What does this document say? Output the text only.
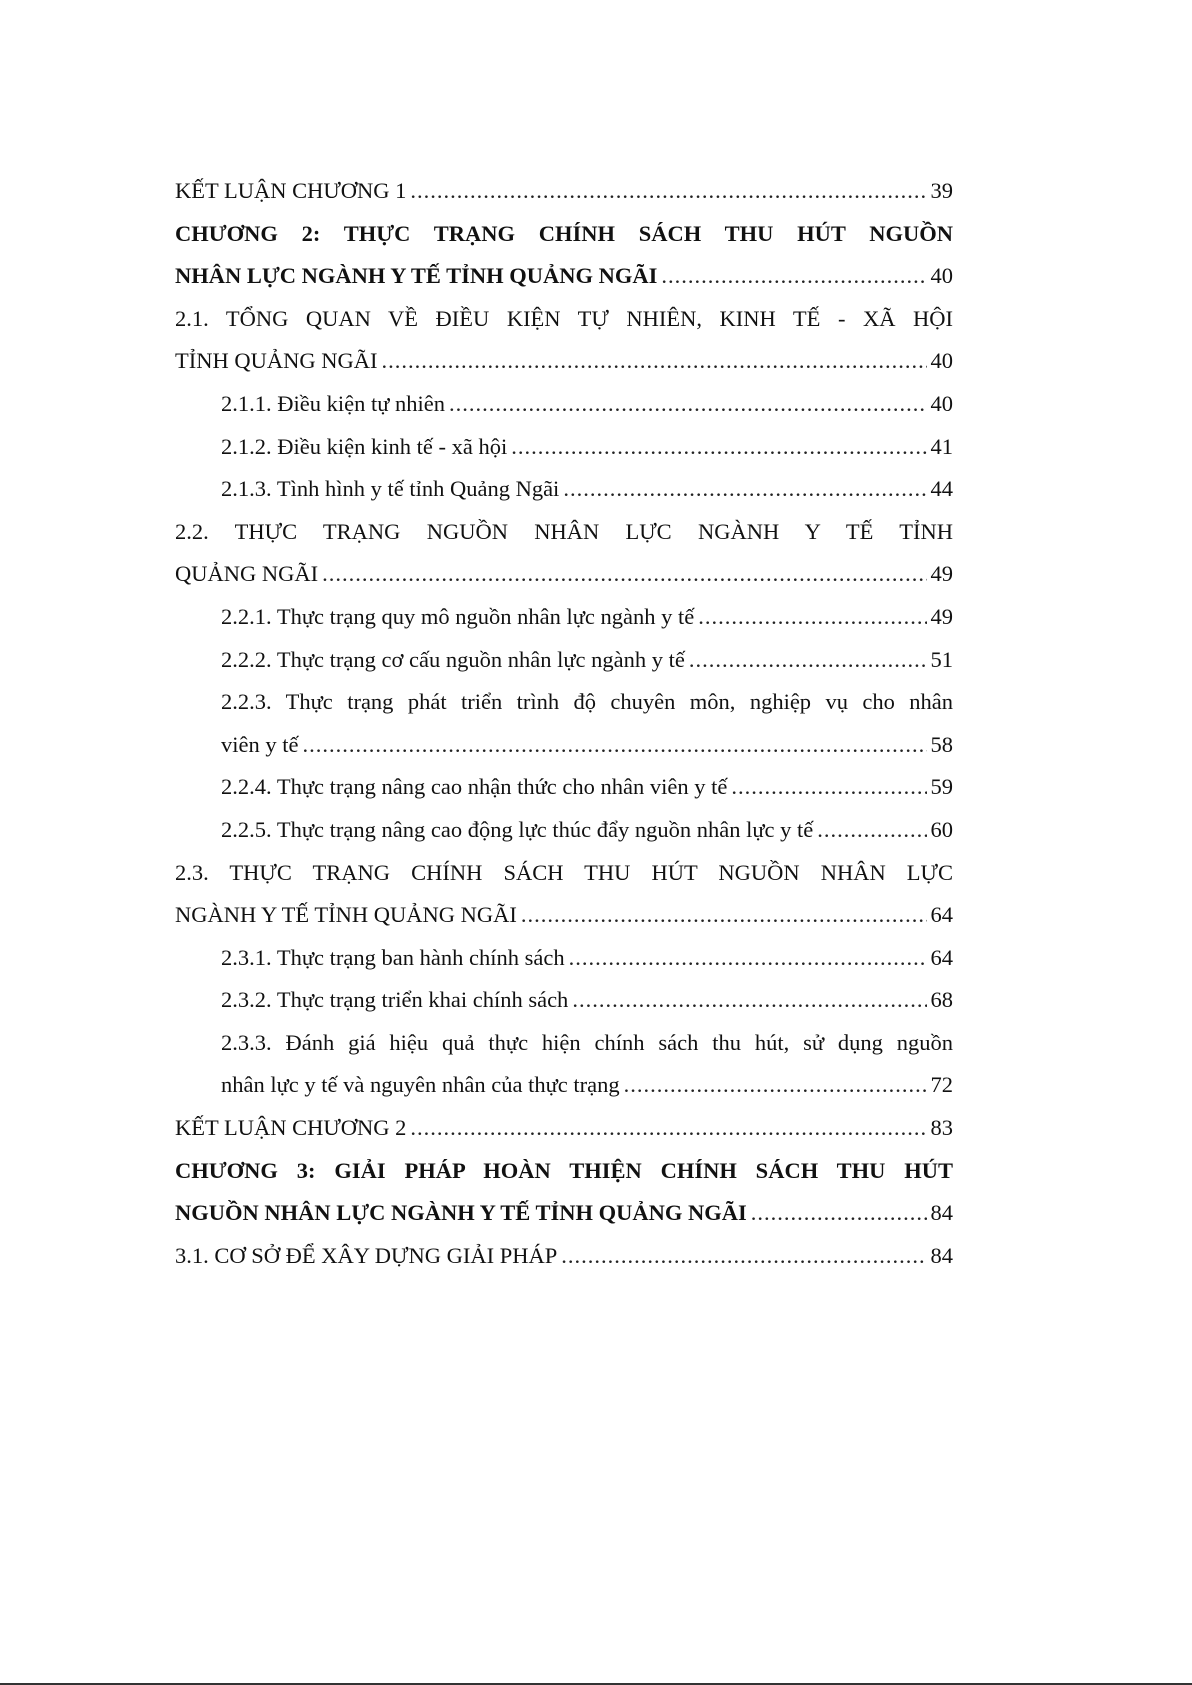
KẾT LUẬN CHƯƠNG 1 .....	39
CHƯƠNG 2: THỰC TRẠNG CHÍNH SÁCH THU HÚT NGUỒN
NHÂN LỰC NGÀNH Y TẾ TỈNH QUẢNG NGÃI .....	40
2.1. TỔNG QUAN VỀ ĐIỀU KIỆN TỰ NHIÊN, KINH TẾ - XÃ HỘI
TỈNH QUẢNG NGÃI .....	40
2.1.1. Điều kiện tự nhiên .....	40
2.1.2. Điều kiện kinh tế - xã hội .....	41
2.1.3. Tình hình y tế tỉnh Quảng Ngãi .....	44
2.2. THỰC TRẠNG NGUỒN NHÂN LỰC NGÀNH Y TẾ TỈNH
QUẢNG NGÃI .....	49
2.2.1. Thực trạng quy mô nguồn nhân lực ngành y tế .....	49
2.2.2. Thực trạng cơ cấu nguồn nhân lực ngành y tế .....	51
2.2.3. Thực trạng phát triển trình độ chuyên môn, nghiệp vụ cho nhân
viên y tế .....	58
2.2.4. Thực trạng nâng cao nhận thức cho nhân viên y tế .....	59
2.2.5. Thực trạng nâng cao động lực thúc đẩy nguồn nhân lực y tế .....	60
2.3. THỰC TRẠNG CHÍNH SÁCH THU HÚT NGUỒN NHÂN LỰC
NGÀNH Y TẾ TỈNH QUẢNG NGÃI .....	64
2.3.1. Thực trạng ban hành chính sách .....	64
2.3.2. Thực trạng triển khai chính sách .....	68
2.3.3. Đánh giá hiệu quả thực hiện chính sách thu hút, sử dụng nguồn
nhân lực y tế và nguyên nhân của thực trạng .....	72
KẾT LUẬN CHƯƠNG 2 .....	83
CHƯƠNG 3: GIẢI PHÁP HOÀN THIỆN CHÍNH SÁCH THU HÚT
NGUỒN NHÂN LỰC NGÀNH Y TẾ TỈNH QUẢNG NGÃI .....	84
3.1. CƠ SỞ ĐỂ XÂY DỰNG GIẢI PHÁP .....	84
